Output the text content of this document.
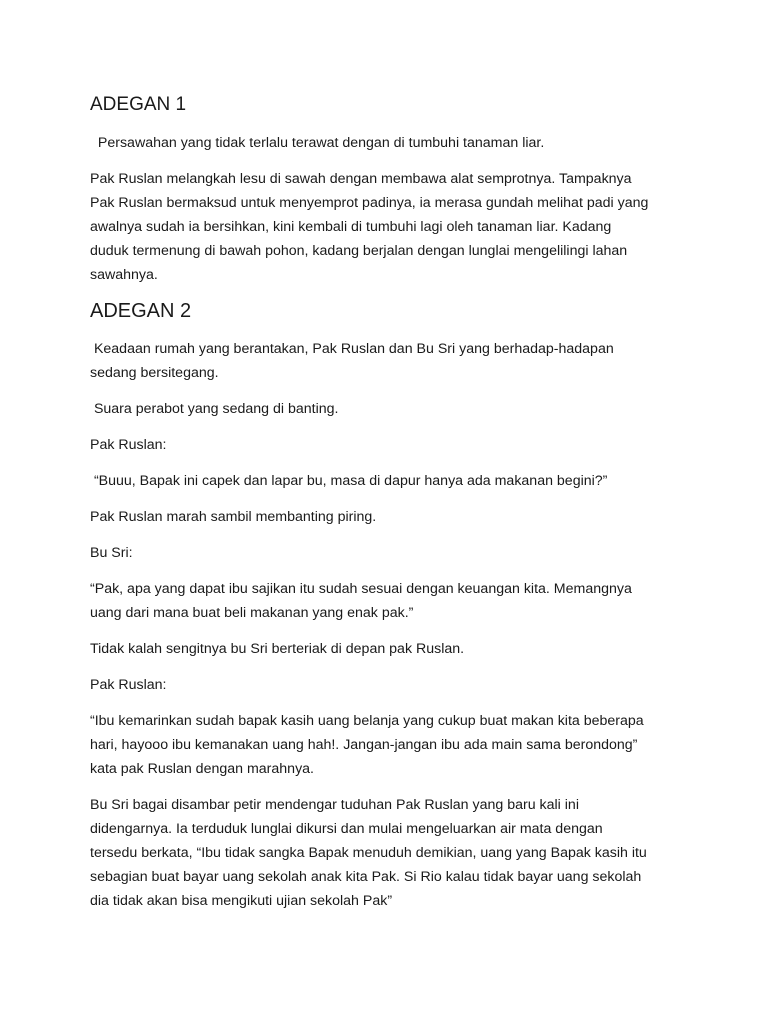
ADEGAN 1

Persawahan yang tidak terlalu terawat dengan di tumbuhi tanaman liar.

Pak Ruslan melangkah lesu di sawah dengan membawa alat semprotnya. Tampaknya
Pak Ruslan bermaksud untuk menyemprot padinya, ia merasa gundah melihat padi yang
awalnya sudah ia bersihkan, kini kembali di tumbuhi lagi oleh tanaman liar. Kadang
duduk termenung di bawah pohon, kadang berjalan dengan lunglai mengelilingi lahan
sawahnya.

ADEGAN 2

Keadaan rumah yang berantakan, Pak Ruslan dan Bu Sri yang berhadap-hadapan
sedang bersitegang.

Suara perabot yang sedang di banting.

Pak Ruslan:

“Buuu, Bapak ini capek dan lapar bu, masa di dapur hanya ada makanan begini?”

Pak Ruslan marah sambil membanting piring.

Bu Sri:

“Pak, apa yang dapat ibu sajikan itu sudah sesuai dengan keuangan kita. Memangnya
uang dari mana buat beli makanan yang enak pak.”

Tidak kalah sengitnya bu Sri berteriak di depan pak Ruslan.

Pak Ruslan:

“Ibu kemarinkan sudah bapak kasih uang belanja yang cukup buat makan kita beberapa
hari, hayooo ibu kemanakan uang hah!. Jangan-jangan ibu ada main sama berondong”
kata pak Ruslan dengan marahnya.

Bu Sri bagai disambar petir mendengar tuduhan Pak Ruslan yang baru kali ini
didengarnya. Ia terduduk lunglai dikursi dan mulai mengeluarkan air mata dengan
tersedu berkata, “Ibu tidak sangka Bapak menuduh demikian, uang yang Bapak kasih itu
sebagian buat bayar uang sekolah anak kita Pak. Si Rio kalau tidak bayar uang sekolah
dia tidak akan bisa mengikuti ujian sekolah Pak”
